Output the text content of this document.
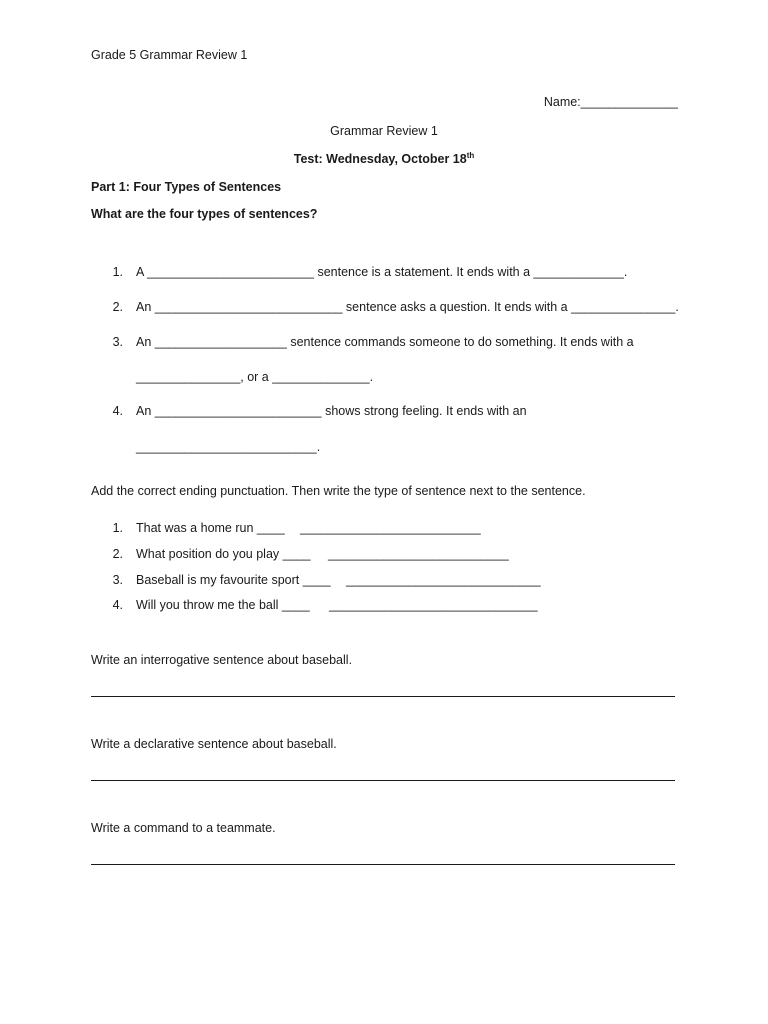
Grade 5 Grammar Review 1
Name:______________
Grammar Review 1
Test: Wednesday, October 18th
Part 1: Four Types of Sentences
What are the four types of sentences?
1. A ________________________ sentence is a statement. It ends with a _____________.
2. An ___________________________ sentence asks a question. It ends with a _______________.
3. An ___________________ sentence commands someone to do something. It ends with a
_______________, or a ______________.
4. An ________________________ shows strong feeling. It ends with an
__________________________.
Add the correct ending punctuation. Then write the type of sentence next to the sentence.
1. That was a home run ____ __________________________
2. What position do you play ____ __________________________
3. Baseball is my favourite sport ____ ____________________________
4. Will you throw me the ball ____ ______________________________
Write an interrogative sentence about baseball.
Write a declarative sentence about baseball.
Write a command to a teammate.
